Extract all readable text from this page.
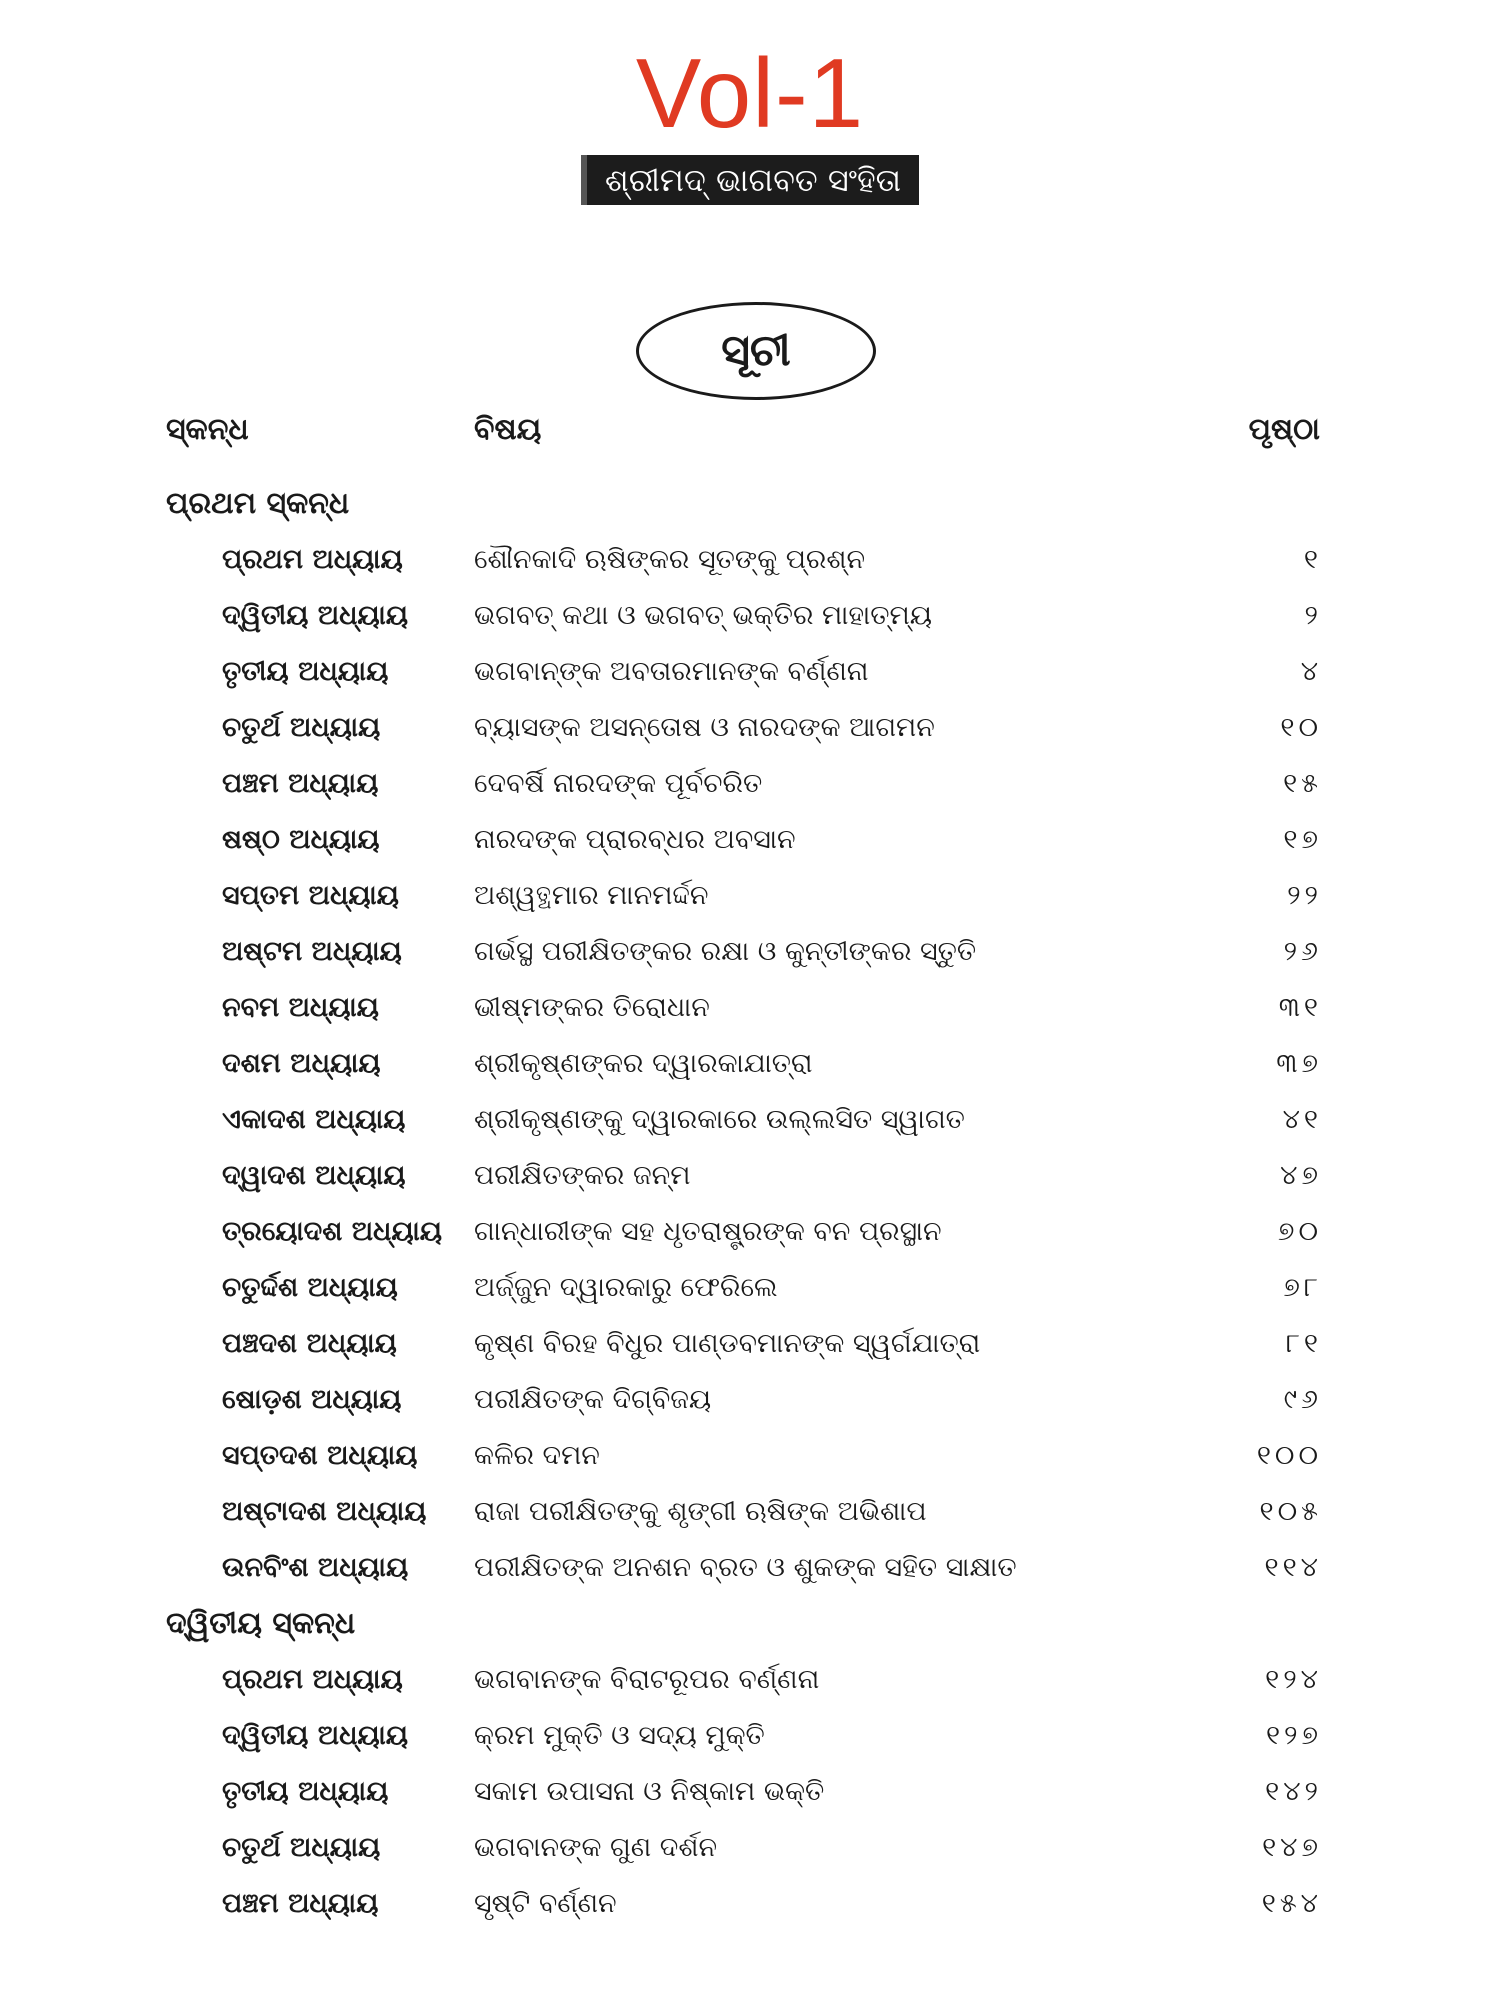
Vol-1
ଶ୍ରୀମଦ୍ ଭାଗବତ ସଂହିତା
ସୂଚୀ
ସ୍କନ୍ଧ	ବିଷୟ	ପୃଷ୍ଠା
ପ୍ରଥମ ସ୍କନ୍ଧ
ପ୍ରଥମ ଅଧ୍ୟାୟ	ଶୌନକାଦି ଋଷିଙ୍କର ସୂତଙ୍କୁ ପ୍ରଶ୍ନ	୧
ଦ୍ୱିତୀୟ ଅଧ୍ୟାୟ ଭଗବତ୍ କଥା ଓ ଭଗବତ୍ ଭକ୍ତିର ମାହାତ୍ମ୍ୟ	୨
ତୃତୀୟ ଅଧ୍ୟାୟ	ଭଗବାନ୍‌ଙ୍କ ଅବତାରମାନଙ୍କ ବର୍ଣ୍ଣନା	୪
ଚତୁର୍ଥ ଅଧ୍ୟାୟ	ବ୍ୟାସଙ୍କ ଅସନ୍ତୋଷ ଓ ନାରଦଙ୍କ ଆଗମନ	୧୦
ପଞ୍ଚମ ଅଧ୍ୟାୟ	ଦେବର୍ଷି ନାରଦଙ୍କ ପୂର୍ବଚରିତ	୧୫
ଷଷ୍ଠ ଅଧ୍ୟାୟ	ନାରଦଙ୍କ ପ୍ରାରବ୍ଧର ଅବସାନ	୧୭
ସପ୍ତମ ଅଧ୍ୟାୟ	ଅଶ୍ୱତ୍ଥମାର ମାନମର୍ଦ୍ଦନ	୨୨
ଅଷ୍ଟମ ଅଧ୍ୟାୟ	ଗର୍ଭସ୍ଥ ପରୀକ୍ଷିତଙ୍କର ରକ୍ଷା ଓ କୁନ୍ତୀଙ୍କର ସ୍ତୁତି	୨୬
ନବମ ଅଧ୍ୟାୟ	ଭୀଷ୍ମଙ୍କର ତିରୋଧାନ	୩୧
ଦଶମ ଅଧ୍ୟାୟ	ଶ୍ରୀକୃଷ୍ଣଙ୍କର ଦ୍ୱାରକାଯାତ୍ରା	୩୭
ଏକାଦଶ ଅଧ୍ୟାୟ	ଶ୍ରୀକୃଷ୍ଣଙ୍କୁ ଦ୍ୱାରକାରେ ଉଲ୍ଲସିତ ସ୍ୱାଗତ	୪୧
ଦ୍ୱାଦଶ ଅଧ୍ୟାୟ	ପରୀକ୍ଷିତଙ୍କର ଜନ୍ମ	୪୭
ତ୍ରୟୋଦଶ ଅଧ୍ୟାୟ ଗାନ୍ଧାରୀଙ୍କ ସହ ଧୃତରାଷ୍ଟ୍ରଙ୍କ ବନ ପ୍ରସ୍ଥାନ	୭୦
ଚତୁର୍ଦ୍ଦଶ ଅଧ୍ୟାୟ	ଅର୍ଜ୍ଜୁନ ଦ୍ୱାରକାରୁ ଫେରିଲେ	୭୮
ପଞ୍ଚଦଶ ଅଧ୍ୟାୟ	କୃଷ୍ଣ ବିରହ ବିଧୁର ପାଣ୍ଡବମାନଙ୍କ ସ୍ୱର୍ଗଯାତ୍ରା	୮୧
ଷୋଡ଼ଶ ଅଧ୍ୟାୟ	ପରୀକ୍ଷିତଙ୍କ ଦିଗ୍‌ବିଜୟ	୯୬
ସପ୍ତଦଶ ଅଧ୍ୟାୟ କଳିର ଦମନ	୧୦୦
ଅଷ୍ଟାଦଶ ଅଧ୍ୟାୟ ରାଜା ପରୀକ୍ଷିତଙ୍କୁ ଶୃଙ୍ଗୀ ଋଷିଙ୍କ ଅଭିଶାପ	୧୦୫
ଉନବିଂଶ ଅଧ୍ୟାୟ ପରୀକ୍ଷିତଙ୍କ ଅନଶନ ବ୍ରତ ଓ ଶୁକଙ୍କ ସହିତ ସାକ୍ଷାତ	୧୧୪
ଦ୍ୱିତୀୟ ସ୍କନ୍ଧ
ପ୍ରଥମ ଅଧ୍ୟାୟ	ଭଗବାନଙ୍କ ବିରାଟରୂପର ବର୍ଣ୍ଣନା	୧୨୪
ଦ୍ୱିତୀୟ ଅଧ୍ୟାୟ କ୍ରମ ମୁକ୍ତି ଓ ସଦ୍ୟ ମୁକ୍ତି	୧୨୭
ତୃତୀୟ ଅଧ୍ୟାୟ	ସକାମ ଉପାସନା ଓ ନିଷ୍କାମ ଭକ୍ତି	୧୪୨
ଚତୁର୍ଥ ଅଧ୍ୟାୟ	ଭଗବାନଙ୍କ ଗୁଣ ଦର୍ଶନ	୧୪୭
ପଞ୍ଚମ ଅଧ୍ୟାୟ	ସୃଷ୍ଟି ବର୍ଣ୍ଣନ	୧୫୪
